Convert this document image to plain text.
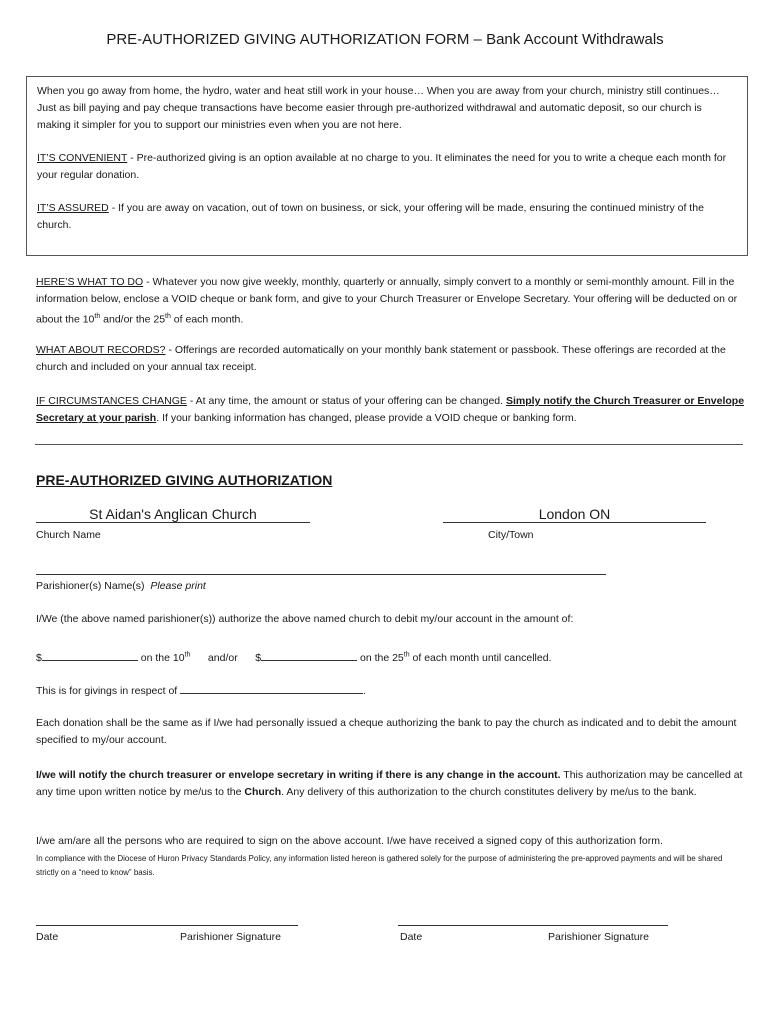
PRE-AUTHORIZED GIVING AUTHORIZATION FORM – Bank Account Withdrawals

When you go away from home, the hydro, water and heat still work in your house… When you are away from your church, ministry still continues… Just as bill paying and pay cheque transactions have become easier through pre-authorized withdrawal and automatic deposit, so our church is making it simpler for you to support our ministries even when you are not here.

IT’S CONVENIENT - Pre-authorized giving is an option available at no charge to you. It eliminates the need for you to write a cheque each month for your regular donation.

IT’S ASSURED - If you are away on vacation, out of town on business, or sick, your offering will be made, ensuring the continued ministry of the church.

HERE’S WHAT TO DO - Whatever you now give weekly, monthly, quarterly or annually, simply convert to a monthly or semi-monthly amount. Fill in the information below, enclose a VOID cheque or bank form, and give to your Church Treasurer or Envelope Secretary. Your offering will be deducted on or about the 10th and/or the 25th of each month.

WHAT ABOUT RECORDS? - Offerings are recorded automatically on your monthly bank statement or passbook. These offerings are recorded at the church and included on your annual tax receipt.

IF CIRCUMSTANCES CHANGE - At any time, the amount or status of your offering can be changed. Simply notify the Church Treasurer or Envelope Secretary at your parish. If your banking information has changed, please provide a VOID cheque or banking form.

PRE-AUTHORIZED GIVING AUTHORIZATION
St Aidan's Anglican Church
Church Name
London ON
City/Town
Parishioner(s) Name(s) Please print
I/We (the above named parishioner(s)) authorize the above named church to debit my/our account in the amount of:
$	on the 10th and/or $	on the 25th of each month until cancelled.
This is for givings in respect of	.
Each donation shall be the same as if I/we had personally issued a cheque authorizing the bank to pay the church as indicated and to debit the amount specified to my/our account.

I/we will notify the church treasurer or envelope secretary in writing if there is any change in the account. This authorization may be cancelled at any time upon written notice by me/us to the Church. Any delivery of this authorization to the church constitutes delivery by me/us to the bank.

I/we am/are all the persons who are required to sign on the above account. I/we have received a signed copy of this authorization form.
In compliance with the Diocese of Huron Privacy Standards Policy, any information listed hereon is gathered solely for the purpose of administering the pre-approved payments and will be shared strictly on a “need to know” basis.
Date	Parishioner Signature	Date	Parishioner Signature
